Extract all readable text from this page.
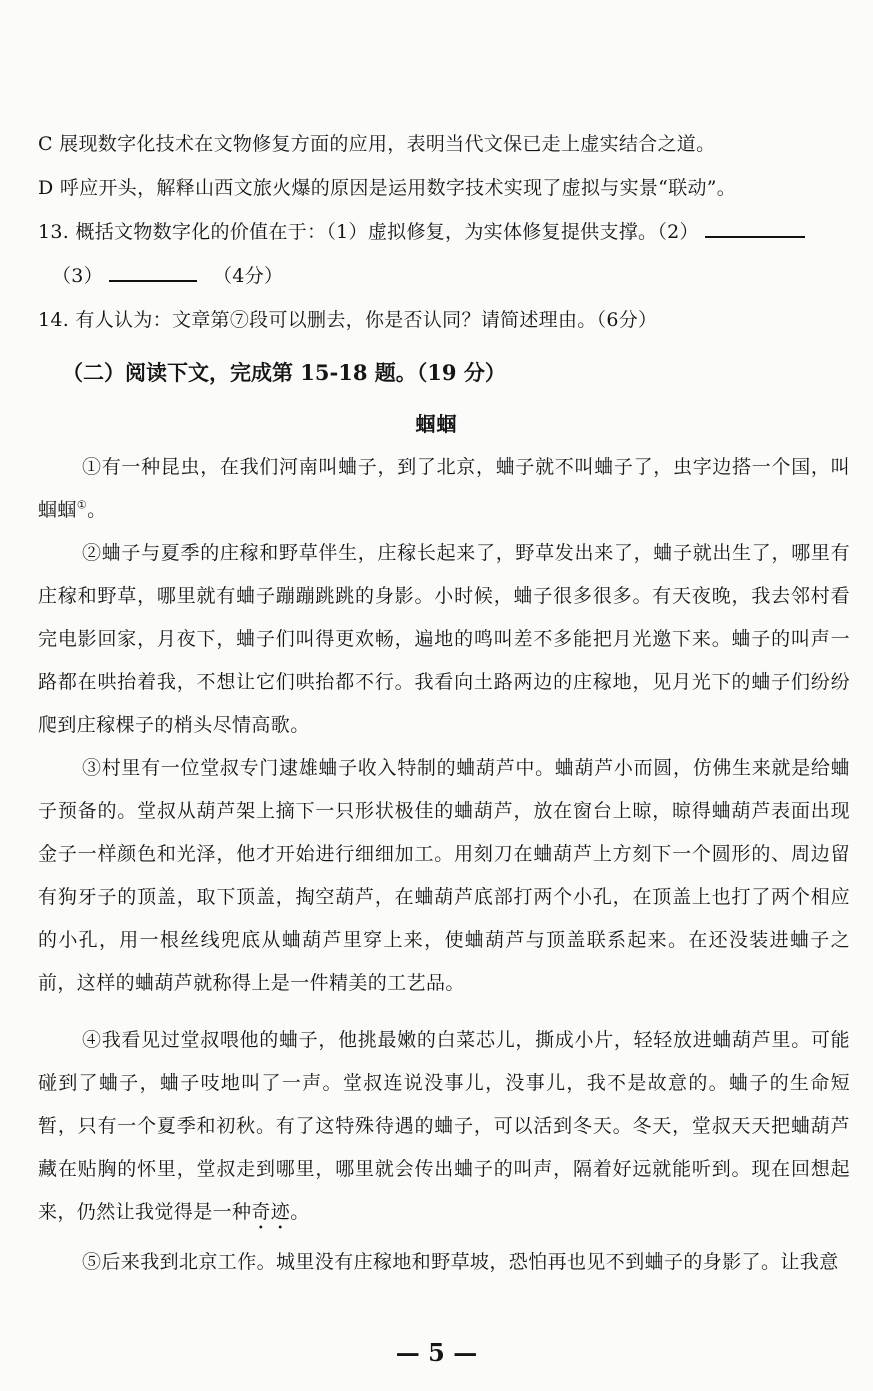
C 展现数字化技术在文物修复方面的应用，表明当代文保已走上虚实结合之道。
D 呼应开头，解释山西文旅火爆的原因是运用数字技术实现了虚拟与实景“联动”。
13. 概括文物数字化的价值在于：（1）虚拟修复，为实体修复提供支撑。（2）
（3）	（4分）
14. 有人认为：文章第⑦段可以删去，你是否认同？请简述理由。（6分）
（二）阅读下文，完成第 15-18 题。（19 分）
蝈蝈
①有一种昆虫，在我们河南叫蛐子，到了北京，蛐子就不叫蛐子了，虫字边搭一个国，叫蝈蝈①。
②蛐子与夏季的庄稼和野草伴生，庄稼长起来了，野草发出来了，蛐子就出生了，哪里有庄稼和野草，哪里就有蛐子蹦蹦跳跳的身影。小时候，蛐子很多很多。有天夜晚，我去邻村看完电影回家，月夜下，蛐子们叫得更欢畅，遍地的鸣叫差不多能把月光邀下来。蛐子的叫声一路都在哄抬着我，不想让它们哄抬都不行。我看向土路两边的庄稼地，见月光下的蛐子们纷纷爬到庄稼棵子的梢头尽情高歌。
③村里有一位堂叔专门逮雄蛐子收入特制的蛐葫芦中。蛐葫芦小而圆，仿佛生来就是给蛐子预备的。堂叔从葫芦架上摘下一只形状极佳的蛐葫芦，放在窗台上晾，晾得蛐葫芦表面出现金子一样颜色和光泽，他才开始进行细细加工。用刻刀在蛐葫芦上方刻下一个圆形的、周边留有狗牙子的顶盖，取下顶盖，掏空葫芦，在蛐葫芦底部打两个小孔，在顶盖上也打了两个相应的小孔，用一根丝线兜底从蛐葫芦里穿上来，使蛐葫芦与顶盖联系起来。在还没装进蛐子之前，这样的蛐葫芦就称得上是一件精美的工艺品。
④我看见过堂叔喂他的蛐子，他挑最嫩的白菜芯儿，撕成小片，轻轻放进蛐葫芦里。可能碰到了蛐子，蛐子吱地叫了一声。堂叔连说没事儿，没事儿，我不是故意的。蛐子的生命短暂，只有一个夏季和初秋。有了这特殊待遇的蛐子，可以活到冬天。冬天，堂叔天天把蛐葫芦藏在贴胸的怀里，堂叔走到哪里，哪里就会传出蛐子的叫声，隔着好远就能听到。现在回想起来，仍然让我觉得是一种奇迹。
⑤后来我到北京工作。城里没有庄稼地和野草坡，恐怕再也见不到蛐子的身影了。让我意
— 5 —
